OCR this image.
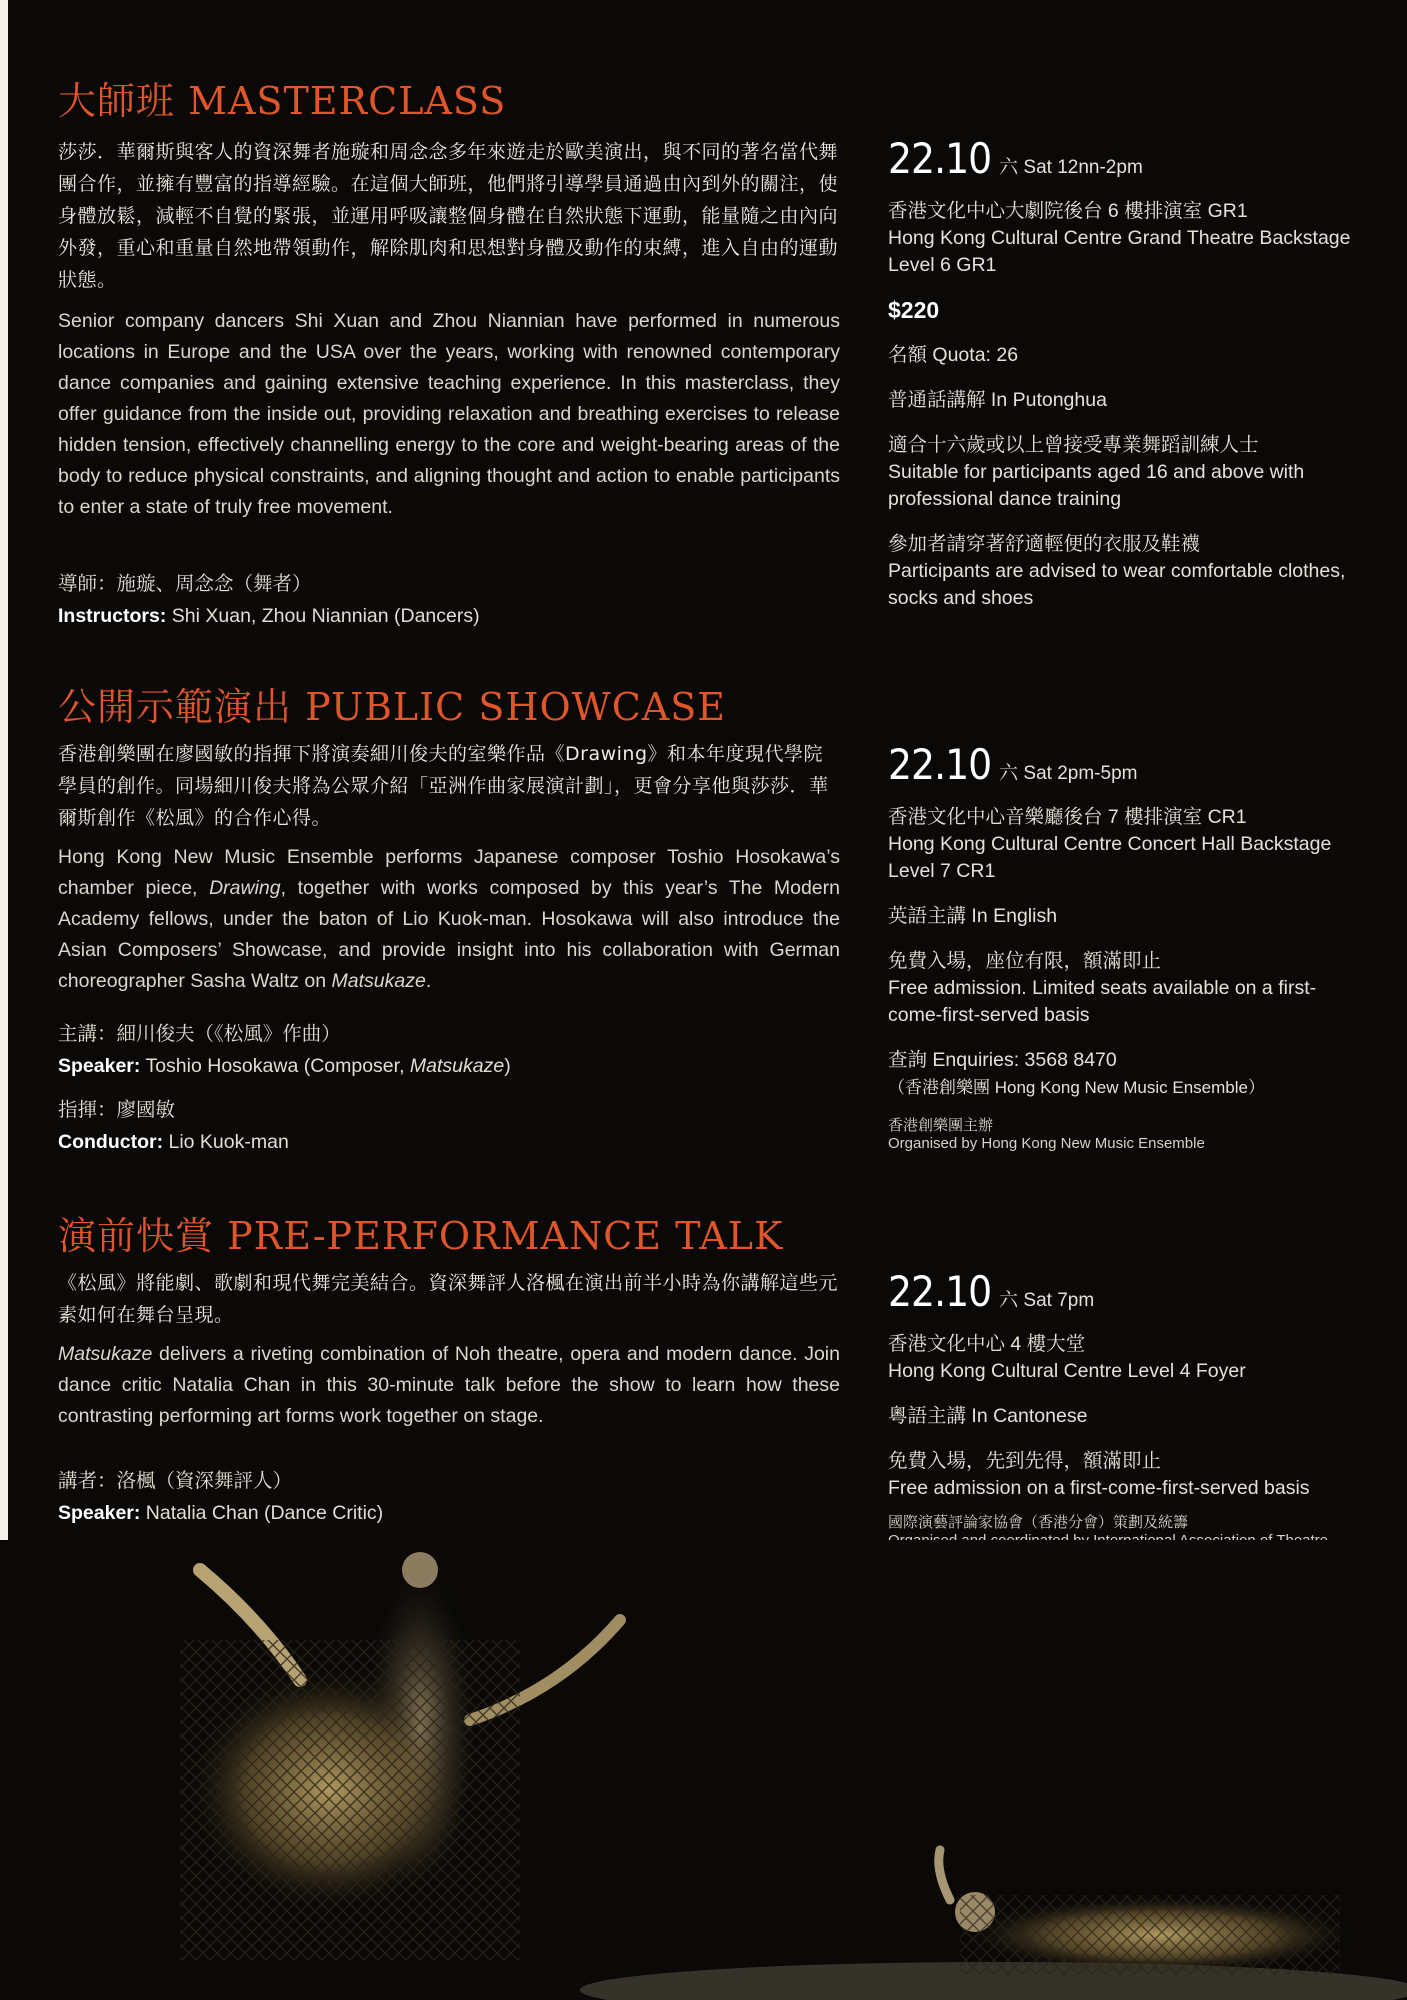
大師班 MASTERCLASS

莎莎．華爾斯與客人的資深舞者施璇和周念念多年來遊走於歐美演出，與不同的著名當代舞團合作，並擁有豐富的指導經驗。在這個大師班，他們將引導學員通過由內到外的關注，使身體放鬆，減輕不自覺的緊張，並運用呼吸讓整個身體在自然狀態下運動，能量隨之由內向外發，重心和重量自然地帶領動作，解除肌肉和思想對身體及動作的束縛，進入自由的運動狀態。

Senior company dancers Shi Xuan and Zhou Niannian have performed in numerous locations in Europe and the USA over the years, working with renowned contemporary dance companies and gaining extensive teaching experience. In this masterclass, they offer guidance from the inside out, providing relaxation and breathing exercises to release hidden tension, effectively channelling energy to the core and weight-bearing areas of the body to reduce physical constraints, and aligning thought and action to enable participants to enter a state of truly free movement.

導師：施璇、周念念（舞者）

Instructors: Shi Xuan, Zhou Niannian (Dancers)

22.10 六 Sat 12nn-2pm

香港文化中心大劇院後台 6 樓排演室 GR1
Hong Kong Cultural Centre Grand Theatre Backstage Level 6 GR1

$220

名額 Quota: 26

普通話講解 In Putonghua

適合十六歲或以上曾接受專業舞蹈訓練人士
Suitable for participants aged 16 and above with professional dance training

參加者請穿著舒適輕便的衣服及鞋襪
Participants are advised to wear comfortable clothes, socks and shoes

公開示範演出 PUBLIC SHOWCASE

香港創樂團在廖國敏的指揮下將演奏細川俊夫的室樂作品《Drawing》和本年度現代學院學員的創作。同場細川俊夫將為公眾介紹「亞洲作曲家展演計劃」，更會分享他與莎莎．華爾斯創作《松風》的合作心得。

Hong Kong New Music Ensemble performs Japanese composer Toshio Hosokawa’s chamber piece, Drawing, together with works composed by this year’s The Modern Academy fellows, under the baton of Lio Kuok-man. Hosokawa will also introduce the Asian Composers’ Showcase, and provide insight into his collaboration with German choreographer Sasha Waltz on Matsukaze.

主講：細川俊夫（《松風》作曲）

Speaker: Toshio Hosokawa (Composer, Matsukaze)

指揮：廖國敏

Conductor: Lio Kuok-man

22.10 六 Sat 2pm-5pm

香港文化中心音樂廳後台 7 樓排演室 CR1
Hong Kong Cultural Centre Concert Hall Backstage Level 7 CR1

英語主講 In English

免費入場，座位有限，額滿即止
Free admission. Limited seats available on a first-come-first-served basis

查詢 Enquiries: 3568 8470
（香港創樂團 Hong Kong New Music Ensemble）

香港創樂團主辦
Organised by Hong Kong New Music Ensemble

演前快賞 PRE-PERFORMANCE TALK

《松風》將能劇、歌劇和現代舞完美結合。資深舞評人洛楓在演出前半小時為你講解這些元素如何在舞台呈現。

Matsukaze delivers a riveting combination of Noh theatre, opera and modern dance. Join dance critic Natalia Chan in this 30-minute talk before the show to learn how these contrasting performing art forms work together on stage.

講者：洛楓（資深舞評人）

Speaker: Natalia Chan (Dance Critic)

22.10 六 Sat 7pm

香港文化中心 4 樓大堂
Hong Kong Cultural Centre Level 4 Foyer

粵語主講 In Cantonese

免費入場，先到先得，額滿即止
Free admission on a first-come-first-served basis

國際演藝評論家協會（香港分會）策劃及統籌
